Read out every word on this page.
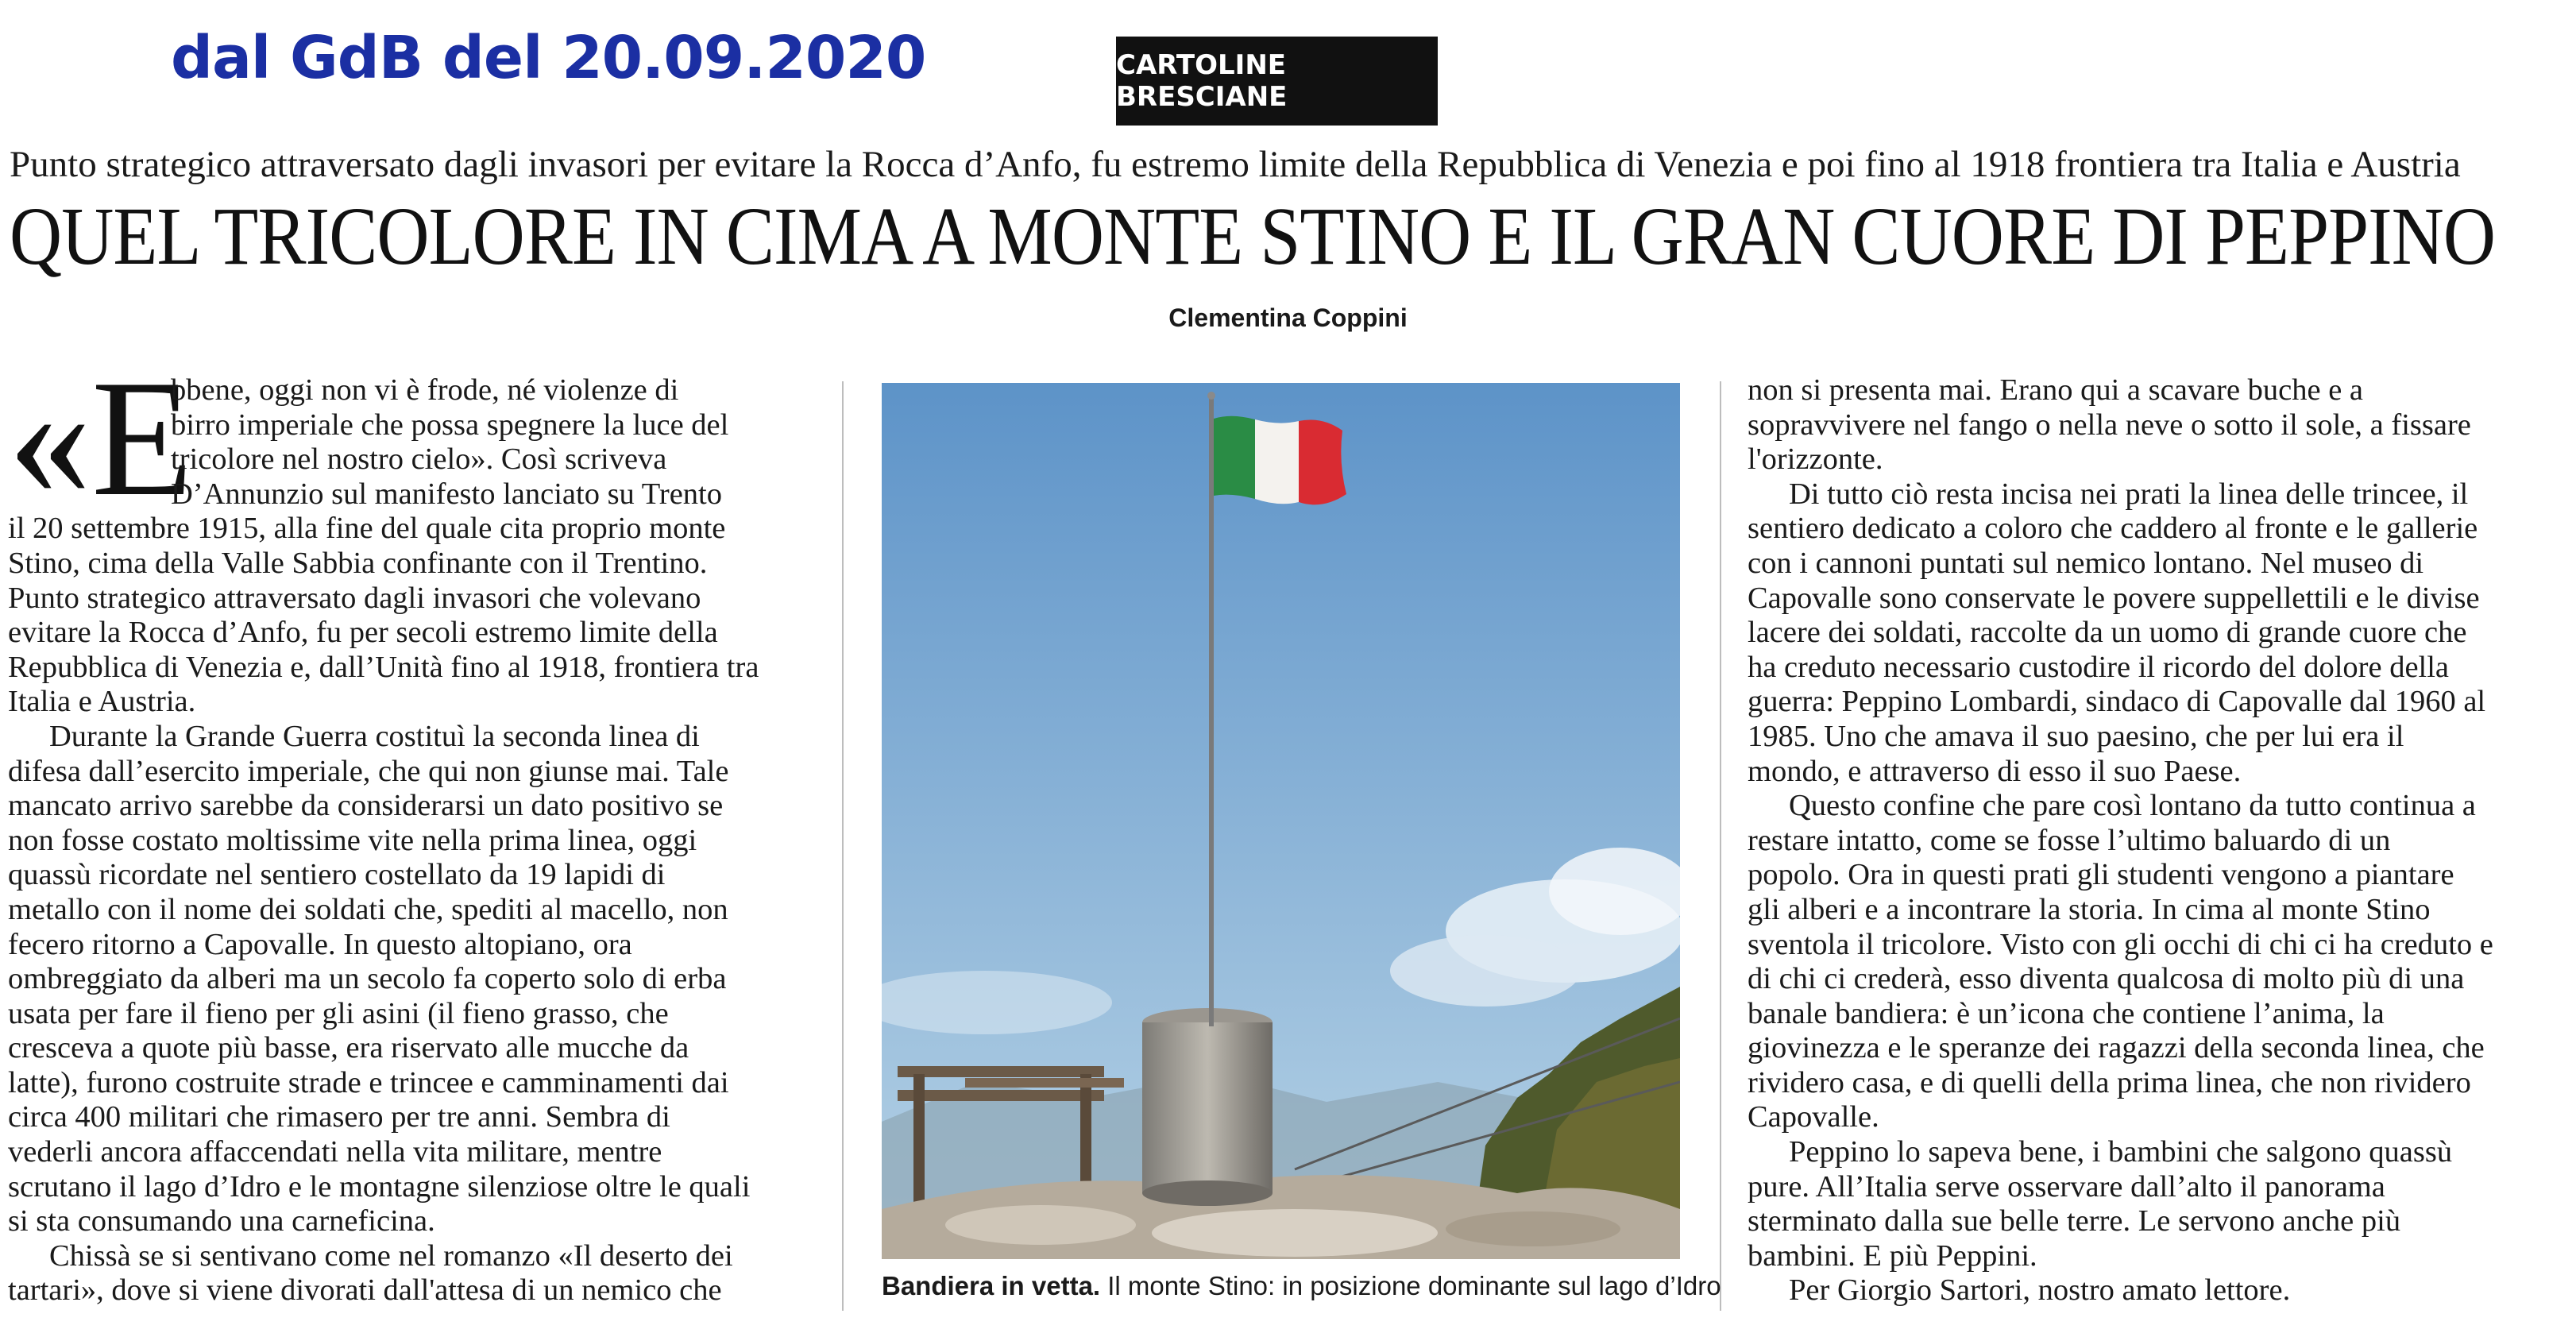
dal GdB del 20.09.2020	CARTOLINE BRESCIANE
Punto strategico attraversato dagli invasori per evitare la Rocca d’Anfo, fu estremo limite della Repubblica di Venezia e poi fino al 1918 frontiera tra Italia e Austria
QUEL TRICOLORE IN CIMA A MONTE STINO E IL GRAN CUORE DI PEPPINO
Clementina Coppini
«E

bbene, oggi non vi è frode, né violenze di

birro imperiale che possa spegnere la luce del

tricolore nel nostro cielo». Così scriveva

D’Annunzio sul manifesto lanciato su Trento

il 20 settembre 1915, alla fine del quale cita proprio monte

Stino, cima della Valle Sabbia confinante con il Trentino.

Punto strategico attraversato dagli invasori che volevano

evitare la Rocca d’Anfo, fu per secoli estremo limite della

Repubblica di Venezia e, dall’Unità fino al 1918, frontiera tra

Italia e Austria.

Durante la Grande Guerra costituì la seconda linea di

difesa dall’esercito imperiale, che qui non giunse mai. Tale

mancato arrivo sarebbe da considerarsi un dato positivo se

non fosse costato moltissime vite nella prima linea, oggi

quassù ricordate nel sentiero costellato da 19 lapidi di

metallo con il nome dei soldati che, spediti al macello, non

fecero ritorno a Capovalle. In questo altopiano, ora

ombreggiato da alberi ma un secolo fa coperto solo di erba

usata per fare il fieno per gli asini (il fieno grasso, che

cresceva a quote più basse, era riservato alle mucche da

latte), furono costruite strade e trincee e camminamenti dai

circa 400 militari che rimasero per tre anni. Sembra di

vederli ancora affaccendati nella vita militare, mentre

scrutano il lago d’Idro e le montagne silenziose oltre le quali

si sta consumando una carneficina.

Chissà se si sentivano come nel romanzo «Il deserto dei

tartari», dove si viene divorati dall'attesa di un nemico che	Bandiera in vetta. Il monte Stino: in posizione dominante sul lago d’Idro

non si presenta mai. Erano qui a scavare buche e a

sopravvivere nel fango o nella neve o sotto il sole, a fissare

l'orizzonte.

Di tutto ciò resta incisa nei prati la linea delle trincee, il

sentiero dedicato a coloro che caddero al fronte e le gallerie

con i cannoni puntati sul nemico lontano. Nel museo di

Capovalle sono conservate le povere suppellettili e le divise

lacere dei soldati, raccolte da un uomo di grande cuore che

ha creduto necessario custodire il ricordo del dolore della

guerra: Peppino Lombardi, sindaco di Capovalle dal 1960 al

1985. Uno che amava il suo paesino, che per lui era il

mondo, e attraverso di esso il suo Paese.

Questo confine che pare così lontano da tutto continua a

restare intatto, come se fosse l’ultimo baluardo di un

popolo. Ora in questi prati gli studenti vengono a piantare

gli alberi e a incontrare la storia. In cima al monte Stino

sventola il tricolore. Visto con gli occhi di chi ci ha creduto e

di chi ci crederà, esso diventa qualcosa di molto più di una

banale bandiera: è un’icona che contiene l’anima, la

giovinezza e le speranze dei ragazzi della seconda linea, che

rividero casa, e di quelli della prima linea, che non rividero

Capovalle.

Peppino lo sapeva bene, i bambini che salgono quassù

pure. All’Italia serve osservare dall’alto il panorama

sterminato dalla sue belle terre. Le servono anche più

bambini. E più Peppini.

Per Giorgio Sartori, nostro amato lettore.
